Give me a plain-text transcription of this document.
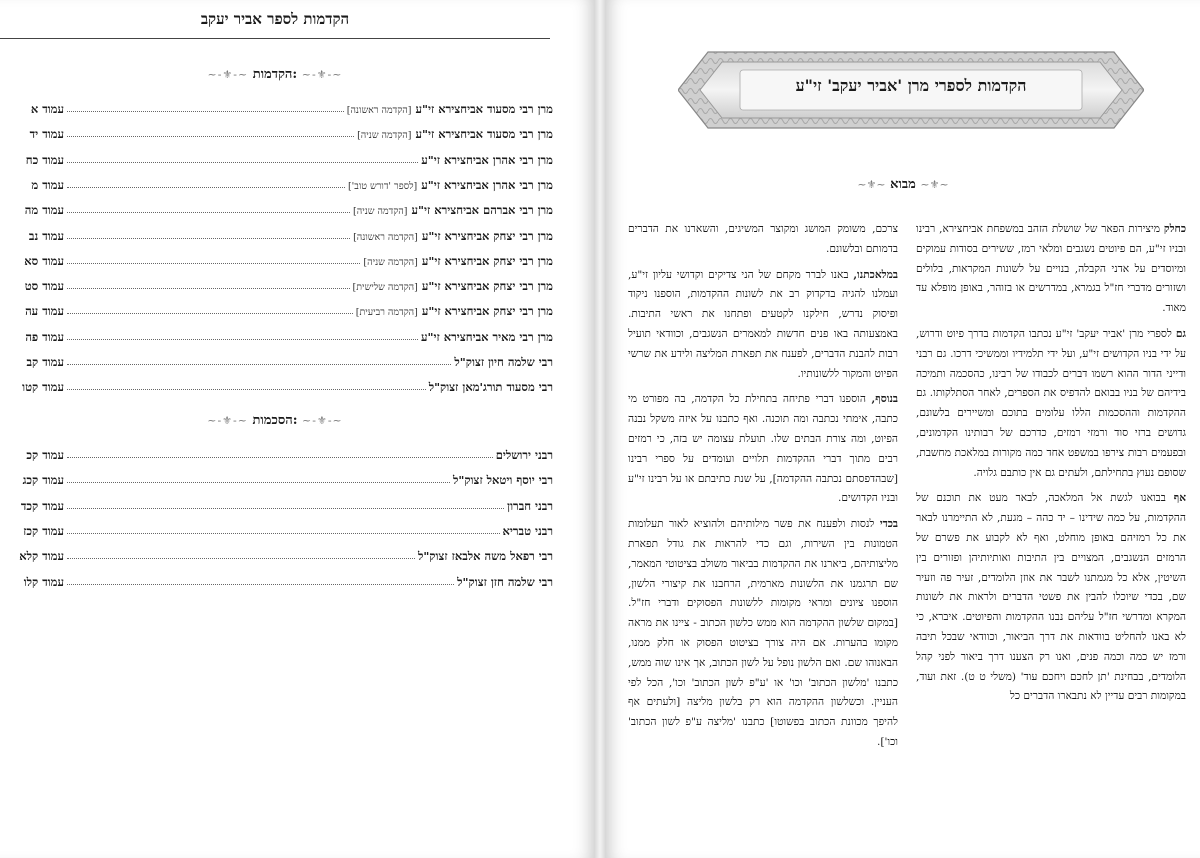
הקדמות לספר אביר יעקב
~-⚜-~ הקדמות: ~-⚜-~
מרן רבי מסעוד אביחצירא זי"ע
[הקדמה ראשונה]
עמוד א
מרן רבי מסעוד אביחצירא זי"ע
[הקדמה שניה]
עמוד יד
מרן רבי אהרן אביחצירא זי"ע
עמוד כח
מרן רבי אהרן אביחצירא זי"ע
[לספר 'דורש טוב']
עמוד מ
מרן רבי אברהם אביחצירא זי"ע
[הקדמה שניה]
עמוד מה
מרן רבי יצחק אביחצירא זי"ע
[הקדמה ראשונה]
עמוד נב
מרן רבי יצחק אביחצירא זי"ע
[הקדמה שניה]
עמוד סא
מרן רבי יצחק אביחצירא זי"ע
[הקדמה שלישית]
עמוד סט
מרן רבי יצחק אביחצירא זי"ע
[הקדמה רביעית]
עמוד עה
מרן רבי מאיר אביחצירא זי"ע
עמוד פה
רבי שלמה חיון זצוק"ל
עמוד קב
רבי מסעוד תורג'מאן זצוק"ל
עמוד קטו
~-⚜-~ הסכמות: ~-⚜-~
רבני ירושלים
עמוד קכ
רבי יוסף ויטאל זצוק"ל
עמוד קכג
רבני חברון
עמוד קכד
רבני טבריא
עמוד קכז
רבי רפאל משה אלבאז זצוק"ל
עמוד קלא
רבי שלמה חזן זצוק"ל
עמוד קלו
הקדמות לספרי מרן 'אביר יעקב' זי"ע
~⚜~ מבוא ~⚜~

כחלק מיצירות הפאר של שושלת הזהב במשפחת אביחצירא, רבינו ובניו זי"ע, הם פיוטים נשגבים ומלאי רמז, ששירים בסודות עמוקים ומיוסדים על אדני הקבלה, בנויים על לשונות המקראות, בלולים ושזורים מדברי חז"ל בגמרא, במדרשים או בזוהר, באופן מופלא עד מאוד.

גם לספרי מרן 'אביר יעקב' זי"ע נכתבו הקדמות בדרך פיוט ודרוש, על ידי בניו הקדושים זי"ע, ועל ידי תלמידיו וממשיכי דרכו. גם רבני ודייני הדור ההוא רשמו דברים לכבודו של רבינו, כהסכמה ותמיכה בידיהם של בניו בבואם להדפיס את הספרים, לאחר הסתלקותו. גם ההקדמות וההסכמות הללו עלומים בתוכם ומשיירים בלשונם, גדושים ברזי סוד ורמזי רמזים, כדרכם של רבותינו הקדמונים, ובפעמים רבות צירפו במשפט אחד כמה מקורות במלאכת מחשבת, שסופם נעוץ בתחילתם, ולעתים גם אין כותבם גלויה.

אף בבואנו לגשת אל המלאכה, לבאר מעט את תוכנם של ההקדמות, על כמה שידינו – יד כהה – מגעת, לא התיימרנו לבאר את כל רמזיהם באופן מוחלט, ואף לא לקבוע את פשרם של הרמזים הנשגבים, המצויים בין התיבות ואותיותיהן ופזורים בין השיטין, אלא כל מגמתנו לשבר את אוזן הלומדים, זעיר פה וזעיר שם, בכדי שיוכלו להבין את פשטי הדברים ולראות את לשונות המקרא ומדרשי חז"ל עליהם נבנו ההקדמות והפיוטים. איברא, כי לא באנו להחליט בוודאות את דרך הביאור, וכוודאי שבכל תיבה ורמז יש כמה וכמה פנים, ואנו רק הצענו דרך ביאור לפני קהל הלומדים, בבחינת 'תן לחכם ויחכם עוד' (משלי ט ט). זאת ועוד, במקומות רבים עדיין לא נתבארו הדברים כל

צרכם, משומק המושג ומקוצר המשיגים, והשארנו את הדברים בדמותם ובלשונם.

במלאכתנו, באנו לברר מקחם של הני צדיקים וקדושי עליון זי"ע, ועמלנו להגיה בדקדוק רב את לשונות ההקדמות, הוספנו ניקוד ופיסוק נדרש, חילקנו לקטעים ופתחנו את ראשי התיבות. באמצעותה באו פנים חדשות למאמרים הנשגבים, וכוודאי תועיל רבות להבנת הדברים, לפענח את תפארת המליצה ולידע את שרשי הפיוט והמקור ללשונותיו.

בנוסף, הוספנו דברי פתיחה בתחילת כל הקדמה, בה מפורט מי כתבה, אימתי נכתבה ומה תוכנה. ואף כתבנו על איזה משקל נבנה הפיוט, ומה צורת הבתים שלו. תועלת עצומה יש בזה, כי רמזים רבים מתוך דברי ההקדמות תלויים ועומדים על ספרי רבינו [שבהדפסתם נכתבה ההקדמה], על שנת כתיבתם או על רבינו זי"ע ובניו הקדושים.

בכדי לנסות ולפענח את פשר מילותיהם ולהוציא לאור תעלומות הטמונות בין השירות, וגם כדי להראות את גודל תפארת מליצותיהם, ביארנו את ההקדמות בביאור משולב בציטוטי המאמר, שם תרגמנו את הלשונות מארמית, הרחבנו את קיצורי הלשון, הוספנו ציונים ומראי מקומות ללשונות הפסוקים ודברי חז"ל. [במקום שלשון ההקדמה הוא ממש כלשון הכתוב - ציינו את מראה מקומו בהערות. אם היה צורך בציטוט הפסוק או חלק ממנו, הבאנוהו שם. ואם הלשון נופל על לשון הכתוב, אך אינו שוה ממש, כתבנו 'מלשון הכתוב' וכו' או 'ע"פ לשון הכתוב' וכו', הכל לפי העניין. וכשלשון ההקדמה הוא רק בלשון מליצה [ולעתים אף להיפך מכוונת הכתוב בפשוטו] כתבנו 'מליצה ע"פ לשון הכתוב' וכו'].
